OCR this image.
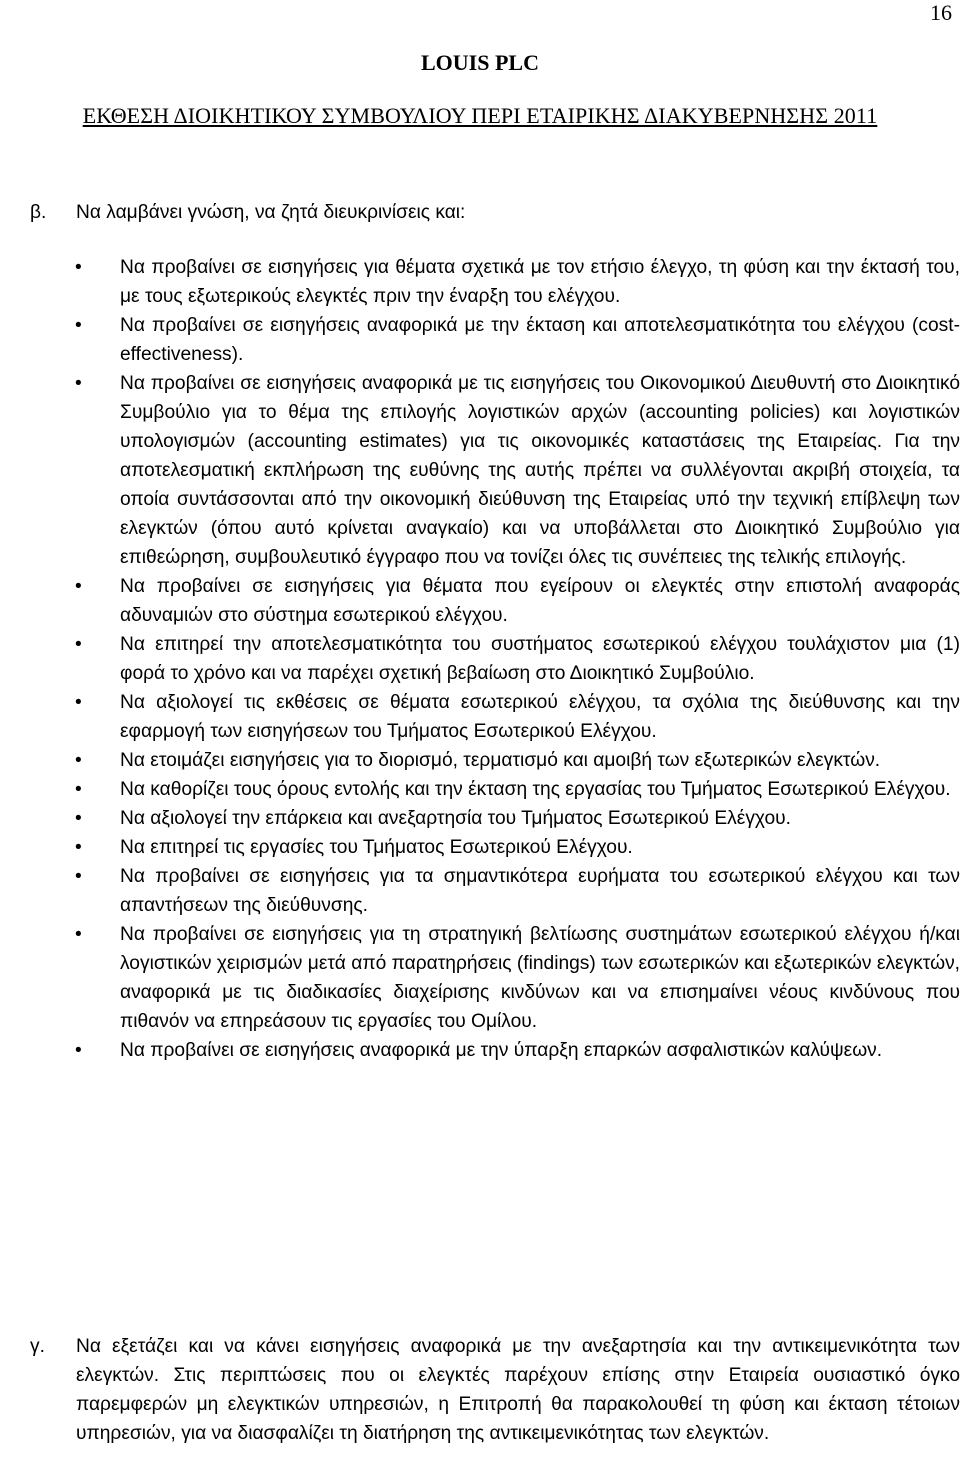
16
LOUIS PLC
ΕΚΘΕΣΗ ΔΙΟΙΚΗΤΙΚΟΥ ΣΥΜΒΟΥΛΙΟΥ ΠΕΡΙ ΕΤΑΙΡΙΚΗΣ ΔΙΑΚΥΒΕΡΝΗΣΗΣ 2011
β. Να λαμβάνει γνώση, να ζητά διευκρινίσεις και:
• Να προβαίνει σε εισηγήσεις για θέματα σχετικά με τον ετήσιο έλεγχο, τη φύση και την έκτασή του, με τους εξωτερικούς ελεγκτές πριν την έναρξη του ελέγχου.
• Να προβαίνει σε εισηγήσεις αναφορικά με την έκταση και αποτελεσματικότητα του ελέγχου (cost-effectiveness).
• Να προβαίνει σε εισηγήσεις αναφορικά με τις εισηγήσεις του Οικονομικού Διευθυντή στο Διοικητικό Συμβούλιο για το θέμα της επιλογής λογιστικών αρχών (accounting policies) και λογιστικών υπολογισμών (accounting estimates) για τις οικονομικές καταστάσεις της Εταιρείας. Για την αποτελεσματική εκπλήρωση της ευθύνης της αυτής πρέπει να συλλέγονται ακριβή στοιχεία, τα οποία συντάσσονται από την οικονομική διεύθυνση της Εταιρείας υπό την τεχνική επίβλεψη των ελεγκτών (όπου αυτό κρίνεται αναγκαίο) και να υποβάλλεται στο Διοικητικό Συμβούλιο για επιθεώρηση, συμβουλευτικό έγγραφο που να τονίζει όλες τις συνέπειες της τελικής επιλογής.
• Να προβαίνει σε εισηγήσεις για θέματα που εγείρουν οι ελεγκτές στην επιστολή αναφοράς αδυναμιών στο σύστημα εσωτερικού ελέγχου.
• Να επιτηρεί την αποτελεσματικότητα του συστήματος εσωτερικού ελέγχου τουλάχιστον μια (1) φορά το χρόνο και να παρέχει σχετική βεβαίωση στο Διοικητικό Συμβούλιο.
• Να αξιολογεί τις εκθέσεις σε θέματα εσωτερικού ελέγχου, τα σχόλια της διεύθυνσης και την εφαρμογή των εισηγήσεων του Τμήματος Εσωτερικού Ελέγχου.
• Να ετοιμάζει εισηγήσεις για το διορισμό, τερματισμό και αμοιβή των εξωτερικών ελεγκτών.
• Να καθορίζει τους όρους εντολής και την έκταση της εργασίας του Τμήματος Εσωτερικού Ελέγχου.
• Να αξιολογεί την επάρκεια και ανεξαρτησία του Τμήματος Εσωτερικού Ελέγχου.
• Να επιτηρεί τις εργασίες του Τμήματος Εσωτερικού Ελέγχου.
• Να προβαίνει σε εισηγήσεις για τα σημαντικότερα ευρήματα του εσωτερικού ελέγχου και των απαντήσεων της διεύθυνσης.
• Να προβαίνει σε εισηγήσεις για τη στρατηγική βελτίωσης συστημάτων εσωτερικού ελέγχου ή/και λογιστικών χειρισμών μετά από παρατηρήσεις (findings) των εσωτερικών και εξωτερικών ελεγκτών, αναφορικά με τις διαδικασίες διαχείρισης κινδύνων και να επισημαίνει νέους κινδύνους που πιθανόν να επηρεάσουν τις εργασίες του Ομίλου.
• Να προβαίνει σε εισηγήσεις αναφορικά με την ύπαρξη επαρκών ασφαλιστικών καλύψεων.
γ. Να εξετάζει και να κάνει εισηγήσεις αναφορικά με την ανεξαρτησία και την αντικειμενικότητα των ελεγκτών. Στις περιπτώσεις που οι ελεγκτές παρέχουν επίσης στην Εταιρεία ουσιαστικό όγκο παρεμφερών μη ελεγκτικών υπηρεσιών, η Επιτροπή θα παρακολουθεί τη φύση και έκταση τέτοιων υπηρεσιών, για να διασφαλίζει τη διατήρηση της αντικειμενικότητας των ελεγκτών.
